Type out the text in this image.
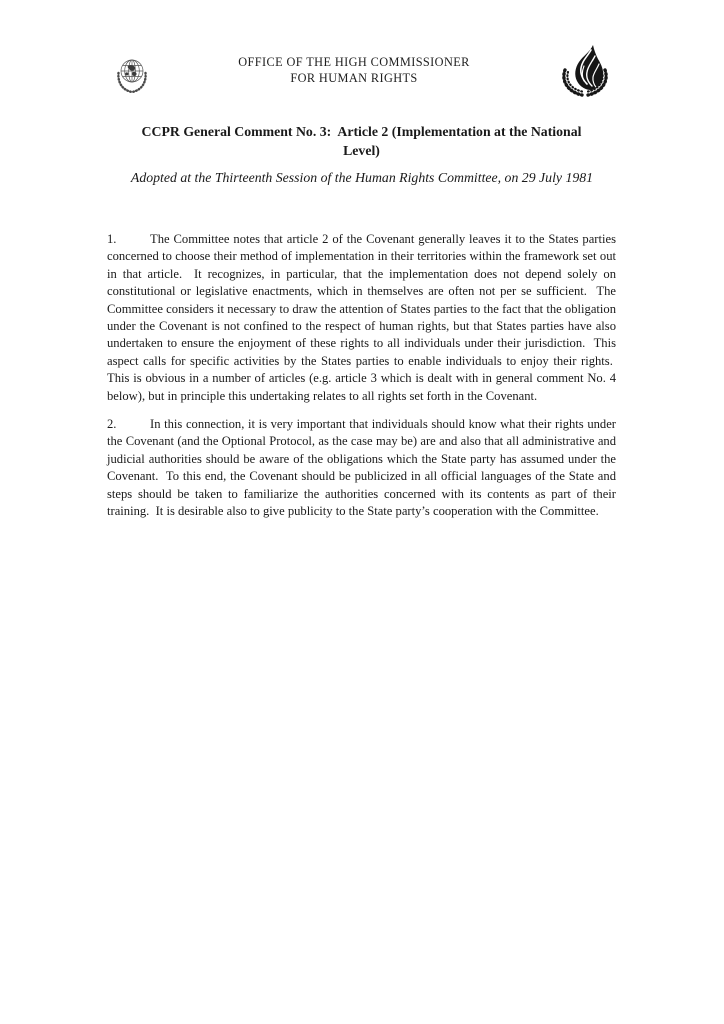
OFFICE OF THE HIGH COMMISSIONER
FOR HUMAN RIGHTS
CCPR General Comment No. 3:  Article 2 (Implementation at the National
Level)

Adopted at the Thirteenth Session of the Human Rights Committee, on 29 July 1981

1.	The Committee notes that article 2 of the Covenant generally leaves it to the States parties concerned to choose their method of implementation in their territories within the framework set out in that article.  It recognizes, in particular, that the implementation does not depend solely on constitutional or legislative enactments, which in themselves are often not per se sufficient.  The Committee considers it necessary to draw the attention of States parties to the fact that the obligation under the Covenant is not confined to the respect of human rights, but that States parties have also undertaken to ensure the enjoyment of these rights to all individuals under their jurisdiction.  This aspect calls for specific activities by the States parties to enable individuals to enjoy their rights.  This is obvious in a number of articles (e.g. article 3 which is dealt with in general comment No. 4 below), but in principle this undertaking relates to all rights set forth in the Covenant.

2.	In this connection, it is very important that individuals should know what their rights under the Covenant (and the Optional Protocol, as the case may be) are and also that all administrative and judicial authorities should be aware of the obligations which the State party has assumed under the Covenant.  To this end, the Covenant should be publicized in all official languages of the State and steps should be taken to familiarize the authorities concerned with its contents as part of their training.  It is desirable also to give publicity to the State party’s cooperation with the Committee.
